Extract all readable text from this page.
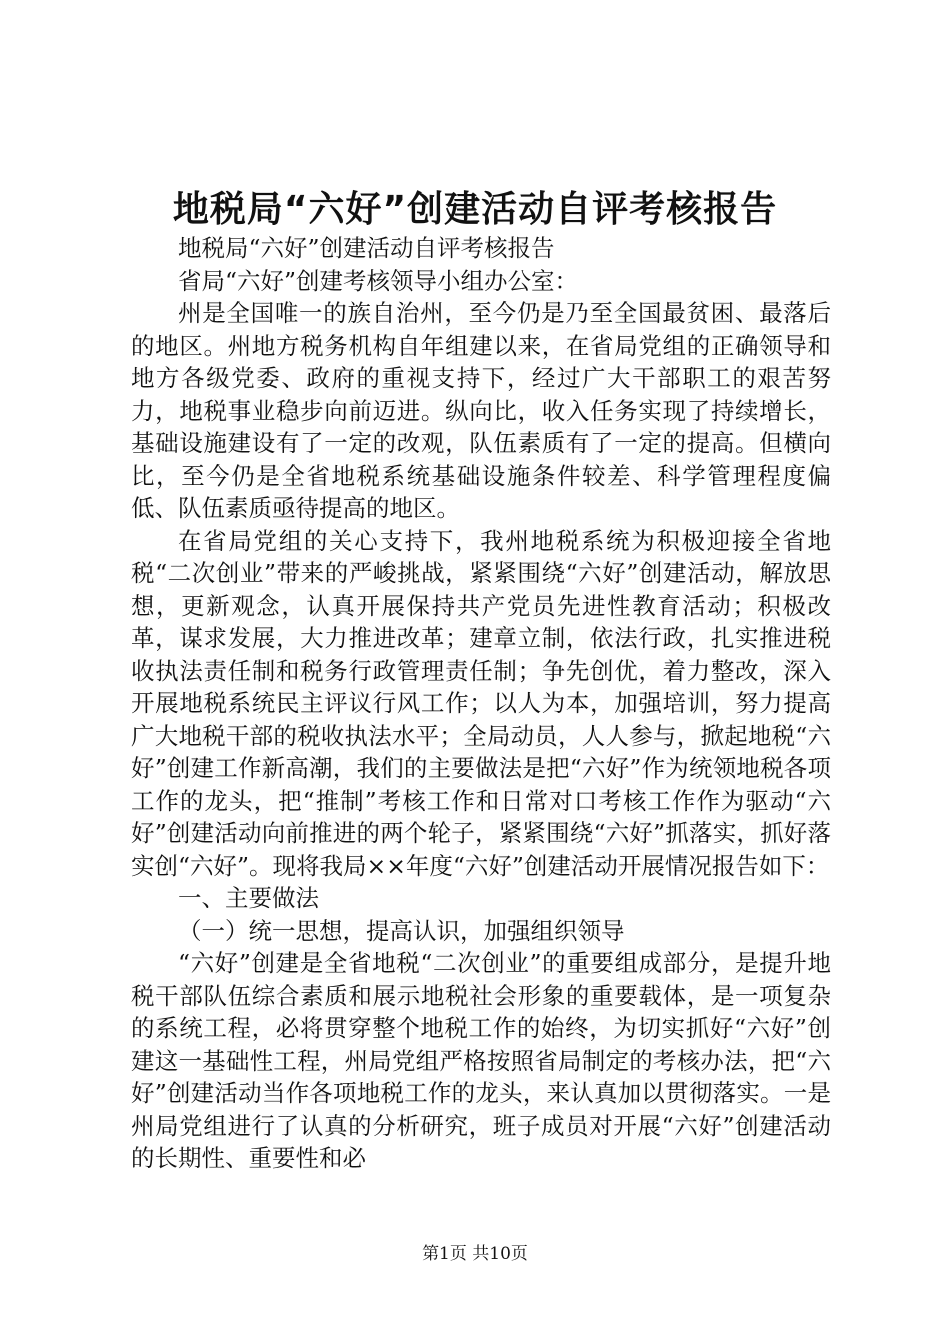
地税局“六好”创建活动自评考核报告

地税局“六好”创建活动自评考核报告

省局“六好”创建考核领导小组办公室：

州是全国唯一的族自治州，至今仍是乃至全国最贫困、最落后的地区。州地方税务机构自年组建以来，在省局党组的正确领导和地方各级党委、政府的重视支持下，经过广大干部职工的艰苦努力，地税事业稳步向前迈进。纵向比，收入任务实现了持续增长，基础设施建设有了一定的改观，队伍素质有了一定的提高。但横向比，至今仍是全省地税系统基础设施条件较差、科学管理程度偏低、队伍素质亟待提高的地区。

在省局党组的关心支持下，我州地税系统为积极迎接全省地税“二次创业”带来的严峻挑战，紧紧围绕“六好”创建活动，解放思想，更新观念，认真开展保持共产党员先进性教育活动；积极改革，谋求发展，大力推进改革；建章立制，依法行政，扎实推进税收执法责任制和税务行政管理责任制；争先创优，着力整改，深入开展地税系统民主评议行风工作；以人为本，加强培训，努力提高广大地税干部的税收执法水平；全局动员，人人参与，掀起地税“六好”创建工作新高潮，我们的主要做法是把“六好”作为统领地税各项工作的龙头，把“推制”考核工作和日常对口考核工作作为驱动“六好”创建活动向前推进的两个轮子，紧紧围绕“六好”抓落实，抓好落实创“六好”。现将我局××年度“六好”创建活动开展情况报告如下：

一、主要做法

（一）统一思想，提高认识，加强组织领导

“六好”创建是全省地税“二次创业”的重要组成部分，是提升地税干部队伍综合素质和展示地税社会形象的重要载体，是一项复杂的系统工程，必将贯穿整个地税工作的始终，为切实抓好“六好”创建这一基础性工程，州局党组严格按照省局制定的考核办法，把“六好”创建活动当作各项地税工作的龙头，来认真加以贯彻落实。一是州局党组进行了认真的分析研究，班子成员对开展“六好”创建活动的长期性、重要性和必

第1页 共10页
